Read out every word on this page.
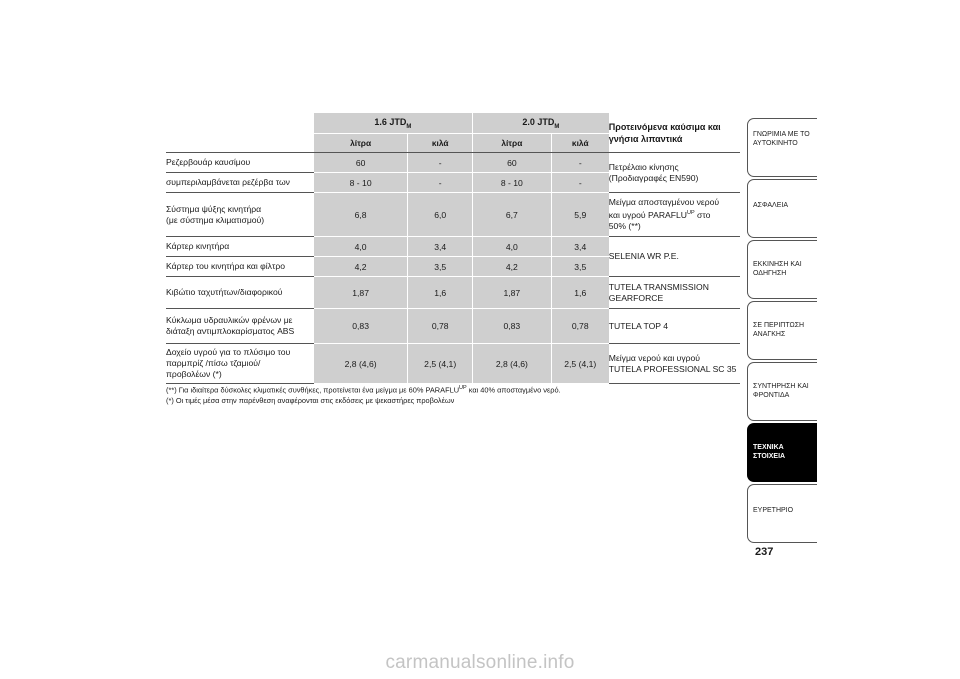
	1.6 $JTD_M$		2.0 $JTD_M$		Προτεινόμενα καύσιμα και γνήσια λιπαντικά
	λίτρα	κιλά	λίτρα	κιλά	
Ρεζερβουάρ καυσίμου	60	-	60	-	Πετρέλαιο κίνησης
(Προδιαγραφές EN590)
συμπεριλαμβάνεται ρεζέρβα των	8 - 10	-	8 - 10	-	
Σύστημα ψύξης κινητήρα
(με σύστημα κλιματισμού)	6,8	6,0	6,7	5,9	Μείγμα αποσταγμένου νερού
και υγρού $PARAFLU^{UP}$ στο
50% (**)
Κάρτερ κινητήρα	4,0	3,4	4,0	3,4	SELENIA WR P.E.
Κάρτερ του κινητήρα και φίλτρο	4,2	3,5	4,2	3,5	
Κιβώτιο ταχυτήτων/διαφορικού	1,87	1,6	1,87	1,6	TUTELA TRANSMISSION
GEARFORCE
Κύκλωμα υδραυλικών φρένων με
διάταξη αντιμπλοκαρίσματος ABS	0,83	0,78	0,83	0,78	TUTELA TOP 4
Δοχείο υγρού για το πλύσιμο του
παρμπρίζ /πίσω τζαμιού/
προβολέων (*)	2,8 (4,6)	2,5 (4,1)	2,8 (4,6)	2,5 (4,1)	Μείγμα νερού και υγρού
TUTELA PROFESSIONAL SC 35
(**) Για ιδιαίτερα δύσκολες κλιματικές συνθήκες, προτείνεται ένα μείγμα με 60% $PARAFLU^{UP}$ και 40% αποσταγμένο νερό.
(*) Οι τιμές μέσα στην παρένθεση αναφέρονται στις εκδόσεις με ψεκαστήρες προβολέων
ΓΝΩΡΙΜΙΑ ΜΕ ΤΟ
ΑΥΤΟΚΙΝΗΤΟ
ΑΣΦΑΛΕΙΑ
ΕΚΚΙΝΗΣΗ ΚΑΙ
ΟΔΗΓΗΣΗ
ΣΕ ΠΕΡΙΠΤΩΣΗ
ΑΝΑΓΚΗΣ
ΣΥΝΤΗΡΗΣΗ ΚΑΙ
ΦΡΟΝΤΙΔΑ
ΤΕΧΝΙΚΑ
ΣΤΟΙΧΕΙΑ
ΕΥΡΕΤΗΡΙΟ
237
carmanualsonline.info
